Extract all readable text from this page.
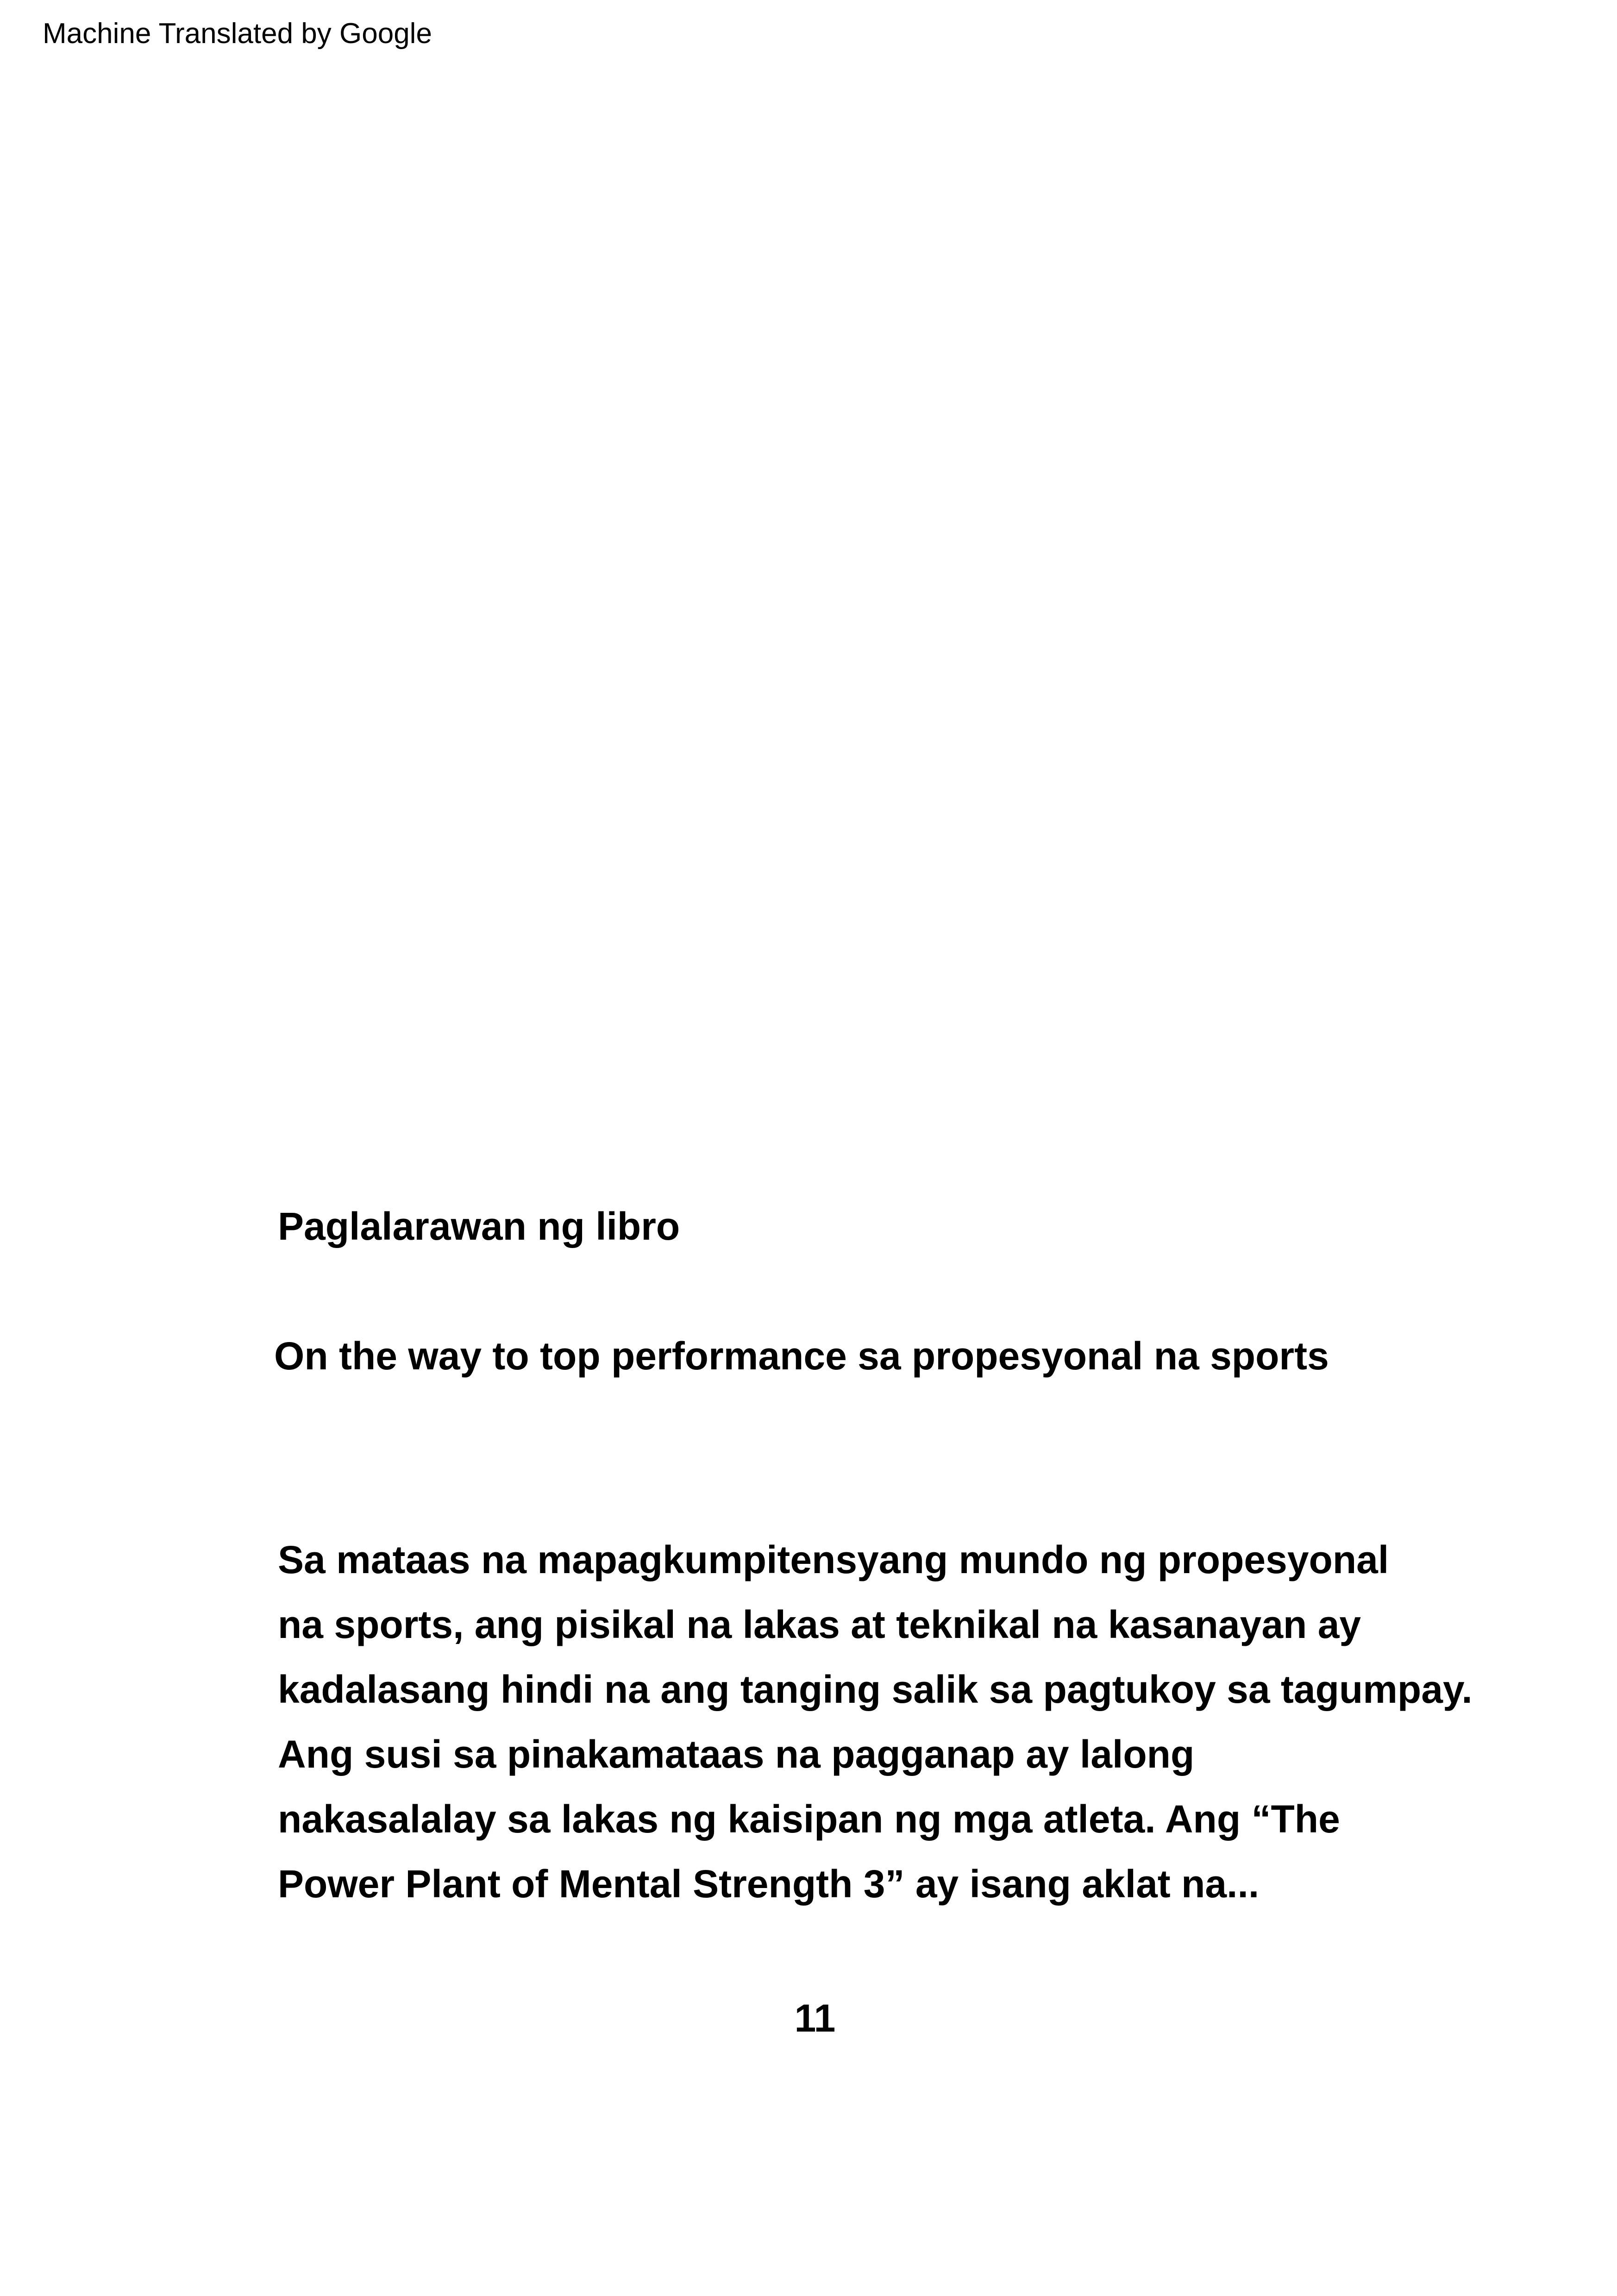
Machine Translated by Google
Paglalarawan ng libro
On the way to top performance sa propesyonal na sports
Sa mataas na mapagkumpitensyang mundo ng propesyonal
na sports, ang pisikal na lakas at teknikal na kasanayan ay
kadalasang hindi na ang tanging salik sa pagtukoy sa tagumpay.
Ang susi sa pinakamataas na pagganap ay lalong
nakasalalay sa lakas ng kaisipan ng mga atleta. Ang “The
Power Plant of Mental Strength 3” ay isang aklat na...
11
